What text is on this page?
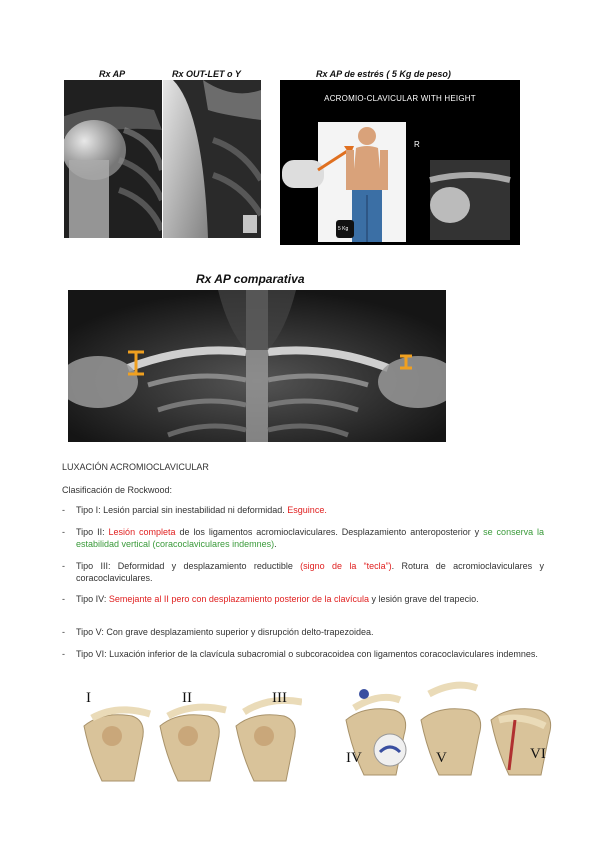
Rx AP	Rx OUT-LET o Y	Rx AP de estrés ( 5 Kg de peso)
ACROMIO-CLAVICULAR WITH HEIGHT
R
5 Kg
Rx AP comparativa
LUXACIÓN ACROMIOCLAVICULAR
Clasificación de Rockwood:
- Tipo I: Lesión parcial sin inestabilidad ni deformidad. Esguince.
- Tipo II: Lesión completa de los ligamentos acromioclaviculares. Desplazamiento anteroposterior y se conserva la estabilidad vertical (coracoclaviculares indemnes).
- Tipo III: Deformidad y desplazamiento reductible (signo de la “tecla”). Rotura de acromioclaviculares y coracoclaviculares.
- Tipo IV: Semejante al II pero con desplazamiento posterior de la clavícula y lesión grave del trapecio.
- Tipo V: Con grave desplazamiento superior y disrupción delto-trapezoidea.
- Tipo VI: Luxación inferior de la clavícula subacromial o subcoracoidea con ligamentos coracoclaviculares indemnes.
I	II	III
IV	V	VI
